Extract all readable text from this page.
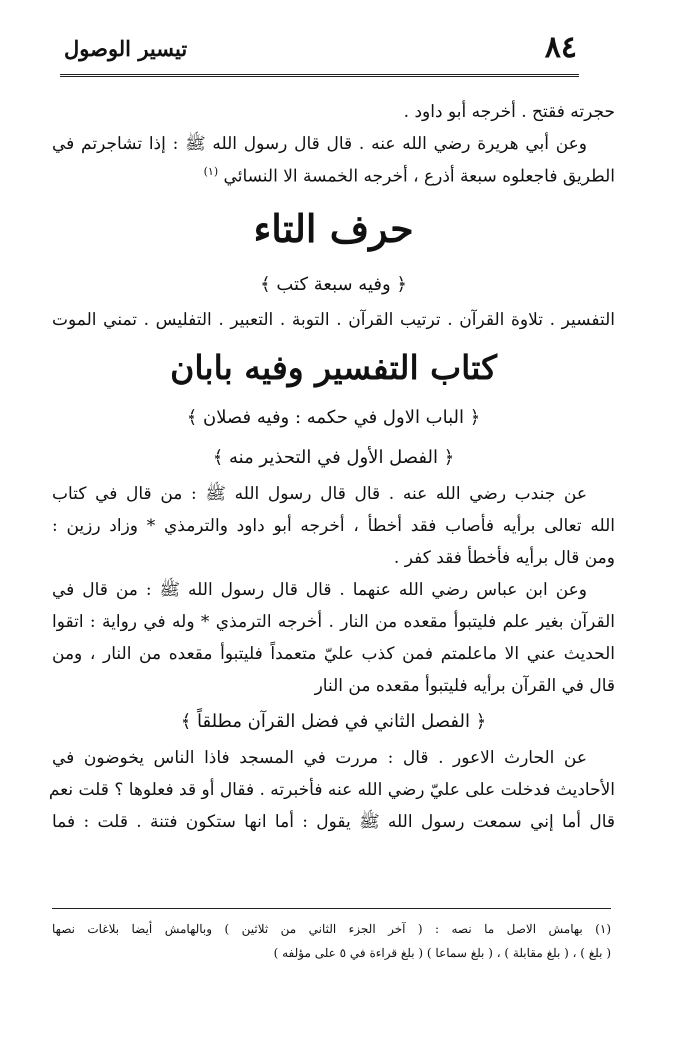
٨٤
تيسير الوصول
حجرته فقتح . أخرجه أبو داود .
وعن أبي هريرة رضي الله عنه . قال قال رسول الله ﷺ : إذا تشاجرتم في
الطريق فاجعلوه سبعة أذرع ، أخرجه الخمسة الا النسائي $^{(١)}$
حرف التاء
﴿ وفيه سبعة كتب ﴾
التفسير . تلاوة القرآن . ترتيب القرآن . التوبة . التعبير . التفليس . تمني الموت
كتاب التفسير وفيه بابان
﴿ الباب الاول في حكمه : وفيه فصلان ﴾
﴿ الفصل الأول في التحذير منه ﴾
عن جندب رضي الله عنه . قال قال رسول الله ﷺ : من قال في كتاب
الله تعالى برأيه فأصاب فقد أخطأ ، أخرجه أبو داود والترمذي * وزاد رزين :
ومن قال برأيه فأخطأ فقد كفر .
وعن ابن عباس رضي الله عنهما . قال قال رسول الله ﷺ : من قال في
القرآن بغير علم فليتبوأ مقعده من النار . أخرجه الترمذي * وله في رواية : اتقوا
الحديث عني الا ماعلمتم فمن كذب عليّ متعمداً فليتبوأ مقعده من النار ، ومن
قال في القرآن برأيه فليتبوأ مقعده من النار
﴿ الفصل الثاني في فضل القرآن مطلقاً ﴾
عن الحارث الاعور . قال : مررت في المسجد فاذا الناس يخوضون في
الأحاديث فدخلت على عليّ رضي الله عنه فأخبرته . فقال أو قد فعلوها ؟ قلت نعم
قال أما إني سمعت رسول الله ﷺ يقول : أما انها ستكون فتنة . قلت : فما
(١) بهامش الاصل ما نصه : ( آخر الجزء الثاني من ثلاثين ) وبالهامش أيضا بلاغات نصها
( بلغ ) ، ( بلغ مقابلة ) ، ( بلغ سماعا ) ( بلغ قراءة في ٥ على مؤلفه )
